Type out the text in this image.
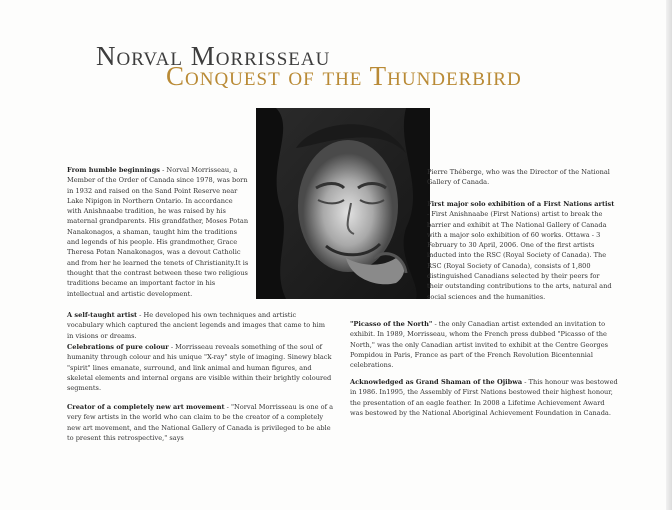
Norval Morrisseau
Conquest of the Thunderbird
From humble beginnings - Norval Morrisseau, a Member of the Order of Canada since 1978, was born in 1932 and raised on the Sand Point Reserve near Lake Nipigon in Northern Ontario. In accordance with Anishnaabe tradition, he was raised by his maternal grandparents. His grandfather, Moses Potan Nanakonagos, a shaman, taught him the traditions and legends of his people. His grandmother, Grace Theresa Potan Nanakonagos, was a devout Catholic and from her he learned the tenets of Christianity.It is thought that the contrast between these two religious traditions became an important factor in his intellectual and artistic development.
A self-taught artist - He developed his own techniques and artistic vocabulary which captured the ancient legends and images that came to him in visions or dreams.
Celebrations of pure colour - Morrisseau reveals something of the soul of humanity through colour and his unique "X-ray" style of imaging. Sinewy black "spirit" lines emanate, surround, and link animal and human figures, and skeletal elements and internal organs are visible within their brightly coloured segments.
Creator of a completely new art movement - "Norval Morrisseau is one of a very few artists in the world who can claim to be the creator of a completely new art movement, and the National Gallery of Canada is privileged to be able to present this retrospective," says
Pierre Théberge, who was the Director of the National Gallery of Canada.
First major solo exhibition of a First Nations artist - First Anishnaabe (First Nations) artist to break the barrier and exhibit at The National Gallery of Canada with a major solo exhibition of 60 works. Ottawa - 3 February to 30 April, 2006. One of the first artists inducted into the RSC (Royal Society of Canada). The RSC (Royal Society of Canada), consists of 1,800 distinguished Canadians selected by their peers for their outstanding contributions to the arts, natural and social sciences and the humanities.
"Picasso of the North" - the only Canadian artist extended an invitation to exhibit. In 1989, Morrisseau, whom the French press dubbed "Picasso of the North," was the only Canadian artist invited to exhibit at the Centre Georges Pompidou in Paris, France as part of the French Revolution Bicentennial celebrations.
Acknowledged as Grand Shaman of the Ojibwa - This honour was bestowed in 1986. In1995, the Assembly of First Nations bestowed their highest honour, the presentation of an eagle feather. In 2008 a Lifetime Achievement Award was bestowed by the National Aboriginal Achievement Foundation in Canada.
